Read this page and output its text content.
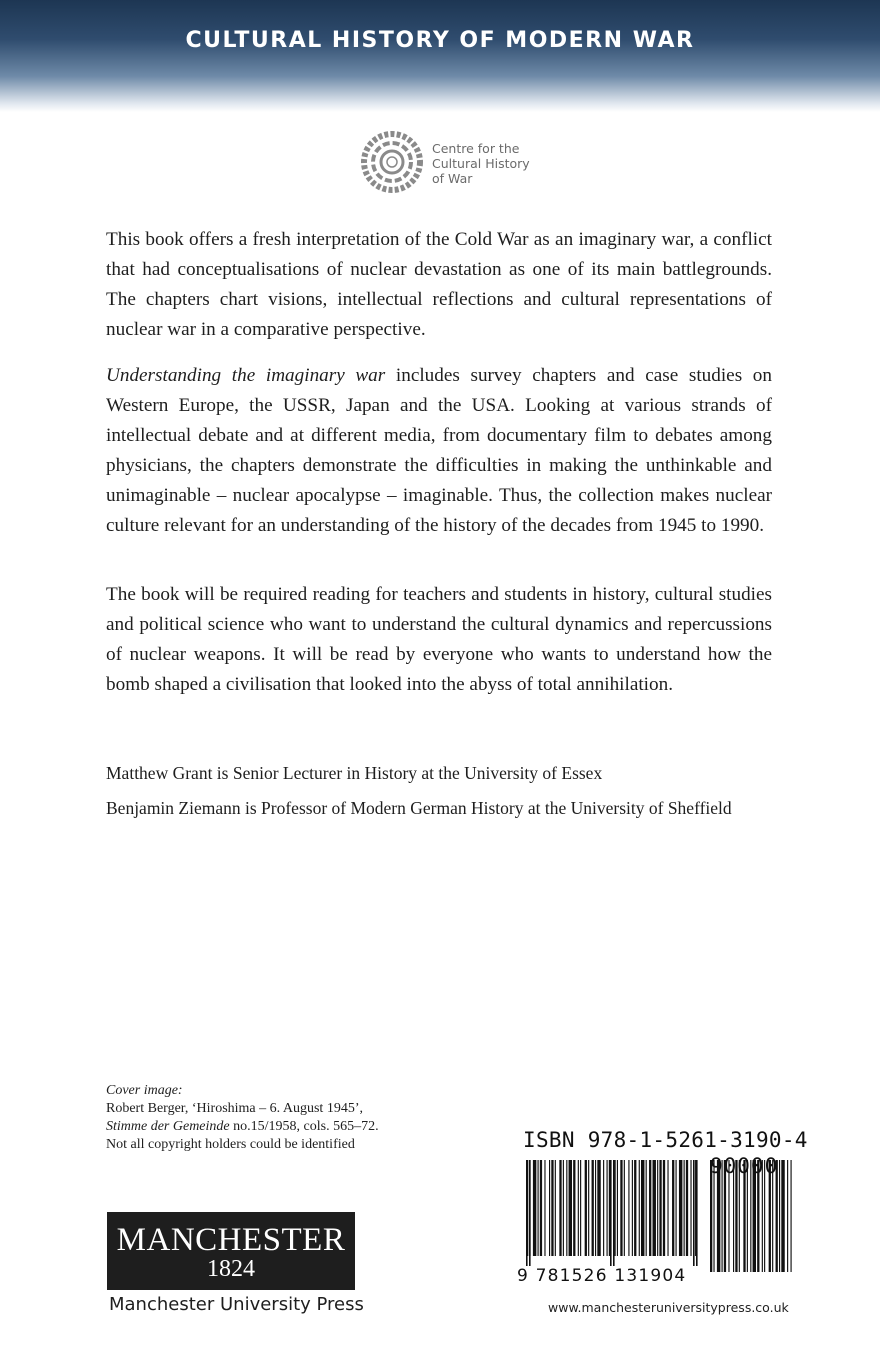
CULTURAL HISTORY OF MODERN WAR
Centre for the
Cultural History
of War

This book offers a fresh interpretation of the Cold War as an imaginary war, a conflict that had conceptualisations of nuclear devastation as one of its main battlegrounds. The chapters chart visions, intellectual reflections and cultural representations of nuclear war in a comparative perspective.

Understanding the imaginary war includes survey chapters and case studies on Western Europe, the USSR, Japan and the USA. Looking at various strands of intellectual debate and at different media, from documentary film to debates among physicians, the chapters demonstrate the difficulties in making the unthinkable and unimaginable – nuclear apocalypse – imaginable. Thus, the collection makes nuclear culture relevant for an understanding of the history of the decades from 1945 to 1990.

The book will be required reading for teachers and students in history, cultural studies and political science who want to understand the cultural dynamics and repercussions of nuclear weapons. It will be read by everyone who wants to understand how the bomb shaped a civilisation that looked into the abyss of total annihilation.

Matthew Grant is Senior Lecturer in History at the University of Essex

Benjamin Ziemann is Professor of Modern German History at the University of Sheffield

Cover image:
Robert Berger, ‘Hiroshima – 6. August 1945’,
Stimme der Gemeinde no.15/1958, cols. 565–72.
Not all copyright holders could be identified
MANCHESTER
1824
Manchester University Press
ISBN 978-1-5261-3190-4
9 781526 131904
www.manchesteruniversitypress.co.uk
